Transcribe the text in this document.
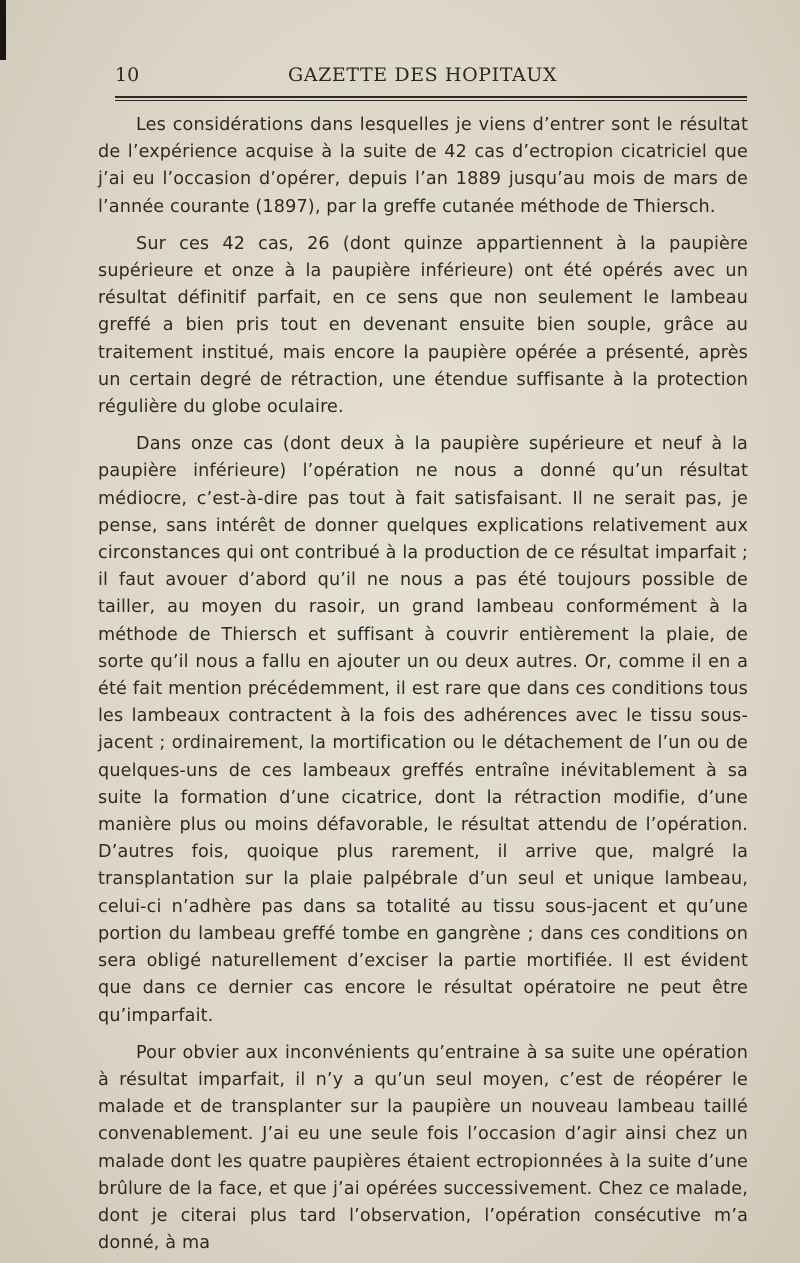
10	GAZETTE DES HOPITAUX

Les considérations dans lesquelles je viens d’entrer sont le résultat de l’expérience acquise à la suite de 42 cas d’ectropion cicatriciel que j’ai eu l’occasion d’opérer, depuis l’an 1889 jusqu’au mois de mars de l’année courante (1897), par la greffe cutanée méthode de Thiersch.

Sur ces 42 cas, 26 (dont quinze appartiennent à la paupière supérieure et onze à la paupière inférieure) ont été opérés avec un résultat définitif parfait, en ce sens que non seulement le lambeau greffé a bien pris tout en devenant ensuite bien souple, grâce au traitement institué, mais encore la paupière opérée a présenté, après un certain degré de rétraction, une étendue suffisante à la protection régulière du globe oculaire.

Dans onze cas (dont deux à la paupière supérieure et neuf à la paupière inférieure) l’opération ne nous a donné qu’un résultat médiocre, c’est-à-dire pas tout à fait satisfaisant. Il ne serait pas, je pense, sans intérêt de donner quelques explications relativement aux circonstances qui ont contribué à la production de ce résultat imparfait ; il faut avouer d’abord qu’il ne nous a pas été toujours possible de tailler, au moyen du rasoir, un grand lambeau conformément à la méthode de Thiersch et suffisant à couvrir entièrement la plaie, de sorte qu’il nous a fallu en ajouter un ou deux autres. Or, comme il en a été fait mention précédemment, il est rare que dans ces conditions tous les lambeaux contractent à la fois des adhérences avec le tissu sous-jacent ; ordinairement, la mortification ou le détachement de l’un ou de quelques-uns de ces lambeaux greffés entraîne inévitablement à sa suite la formation d’une cicatrice, dont la rétraction modifie, d’une manière plus ou moins défavorable, le résultat attendu de l’opération. D’autres fois, quoique plus rarement, il arrive que, malgré la transplantation sur la plaie palpébrale d’un seul et unique lambeau, celui-ci n’adhère pas dans sa totalité au tissu sous-jacent et qu’une portion du lambeau greffé tombe en gangrène ; dans ces conditions on sera obligé naturellement d’exciser la partie mortifiée. Il est évident que dans ce dernier cas encore le résultat opératoire ne peut être qu’imparfait.

Pour obvier aux inconvénients qu’entraine à sa suite une opération à résultat imparfait, il n’y a qu’un seul moyen, c’est de réopérer le malade et de transplanter sur la paupière un nouveau lambeau taillé convenablement. J’ai eu une seule fois l’occasion d’agir ainsi chez un malade dont les quatre paupières étaient ectropionnées à la suite d’une brûlure de la face, et que j’ai opérées successivement. Chez ce malade, dont je citerai plus tard l’observation, l’opération consécutive m’a donné, à ma
